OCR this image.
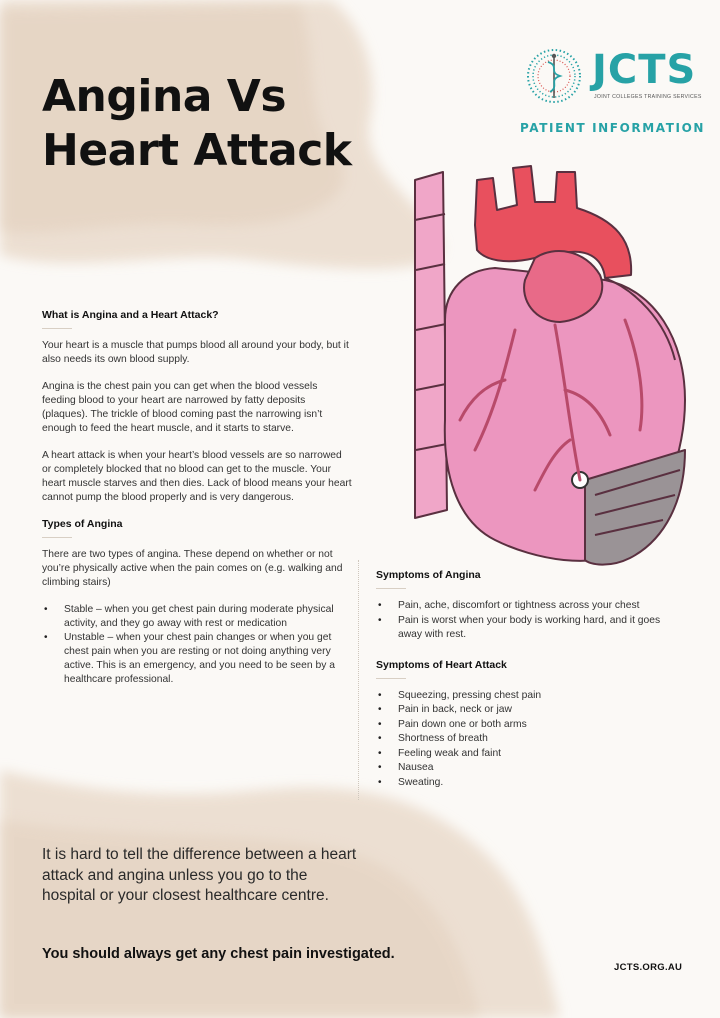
Angina Vs
Heart Attack
JCTS
JOINT COLLEGES TRAINING SERVICES
PATIENT INFORMATION
What is Angina and a Heart Attack?

Your heart is a muscle that pumps blood all around your body, but it also needs its own blood supply.

Angina is the chest pain you can get when the blood vessels feeding blood to your heart are narrowed by fatty deposits (plaques). The trickle of blood coming past the narrowing isn’t enough to feed the heart muscle, and it starts to starve.

A heart attack is when your heart’s blood vessels are so narrowed or completely blocked that no blood can get to the muscle. Your heart muscle starves and then dies. Lack of blood means your heart cannot pump the blood properly and is very dangerous.

Types of Angina

There are two types of angina. These depend on whether or not you’re physically active when the pain comes on (e.g. walking and climbing stairs)

• Stable – when you get chest pain during moderate physical activity, and they go away with rest or medication
• Unstable – when your chest pain changes or when you get chest pain when you are resting or not doing anything very active. This is an emergency, and you need to be seen by a healthcare professional.
Symptoms of Angina
• Pain, ache, discomfort or tightness across your chest
• Pain is worst when your body is working hard, and it goes away with rest.
Symptoms of Heart Attack
• Squeezing, pressing chest pain
• Pain in back, neck or jaw
• Pain down one or both arms
• Shortness of breath
• Feeling weak and faint
• Nausea
• Sweating.

It is hard to tell the difference between a heart attack and angina unless you go to the hospital or your closest healthcare centre.

You should always get any chest pain investigated.
JCTS.ORG.AU
